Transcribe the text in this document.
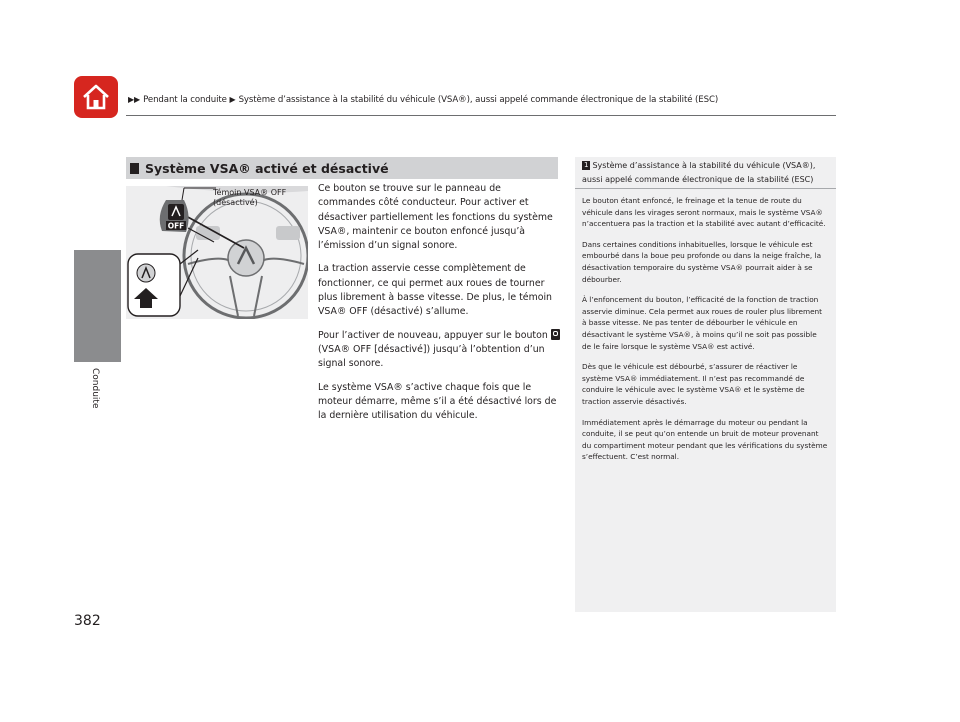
▶▶ Pendant la conduite ▶ Système d’assistance à la stabilité du véhicule (VSA®), aussi appelé commande électronique de la stabilité (ESC)
Conduite
382
Système VSA® activé et désactivé
OFF
Témoin VSA® OFF
(désactivé)

Ce bouton se trouve sur le panneau de commandes côté conducteur. Pour activer et désactiver partiellement les fonctions du système VSA®, maintenir ce bouton enfoncé jusqu’à l’émission d’un signal sonore.

La traction asservie cesse complètement de fonctionner, ce qui permet aux roues de tourner plus librement à basse vitesse. De plus, le témoin VSA® OFF (désactivé) s’allume.

Pour l’activer de nouveau, appuyer sur le bouton  (VSA® OFF [désactivé]) jusqu’à l’obtention d’un signal sonore.

Le système VSA® s’active chaque fois que le moteur démarre, même s’il a été désactivé lors de la dernière utilisation du véhicule.

1 Système d’assistance à la stabilité du véhicule (VSA®), aussi appelé commande électronique de la stabilité (ESC)

Le bouton étant enfoncé, le freinage et la tenue de route du véhicule dans les virages seront normaux, mais le système VSA® n’accentuera pas la traction et la stabilité avec autant d’efficacité.

Dans certaines conditions inhabituelles, lorsque le véhicule est embourbé dans la boue peu profonde ou dans la neige fraîche, la désactivation temporaire du système VSA® pourrait aider à se débourber.

À l’enfoncement du bouton, l’efficacité de la fonction de traction asservie diminue. Cela permet aux roues de rouler plus librement à basse vitesse. Ne pas tenter de débourber le véhicule en désactivant le système VSA®, à moins qu’il ne soit pas possible de le faire lorsque le système VSA® est activé.

Dès que le véhicule est débourbé, s’assurer de réactiver le système VSA® immédiatement. Il n’est pas recommandé de conduire le véhicule avec le système VSA® et le système de traction asservie désactivés.

Immédiatement après le démarrage du moteur ou pendant la conduite, il se peut qu’on entende un bruit de moteur provenant du compartiment moteur pendant que les vérifications du système s’effectuent. C’est normal.
